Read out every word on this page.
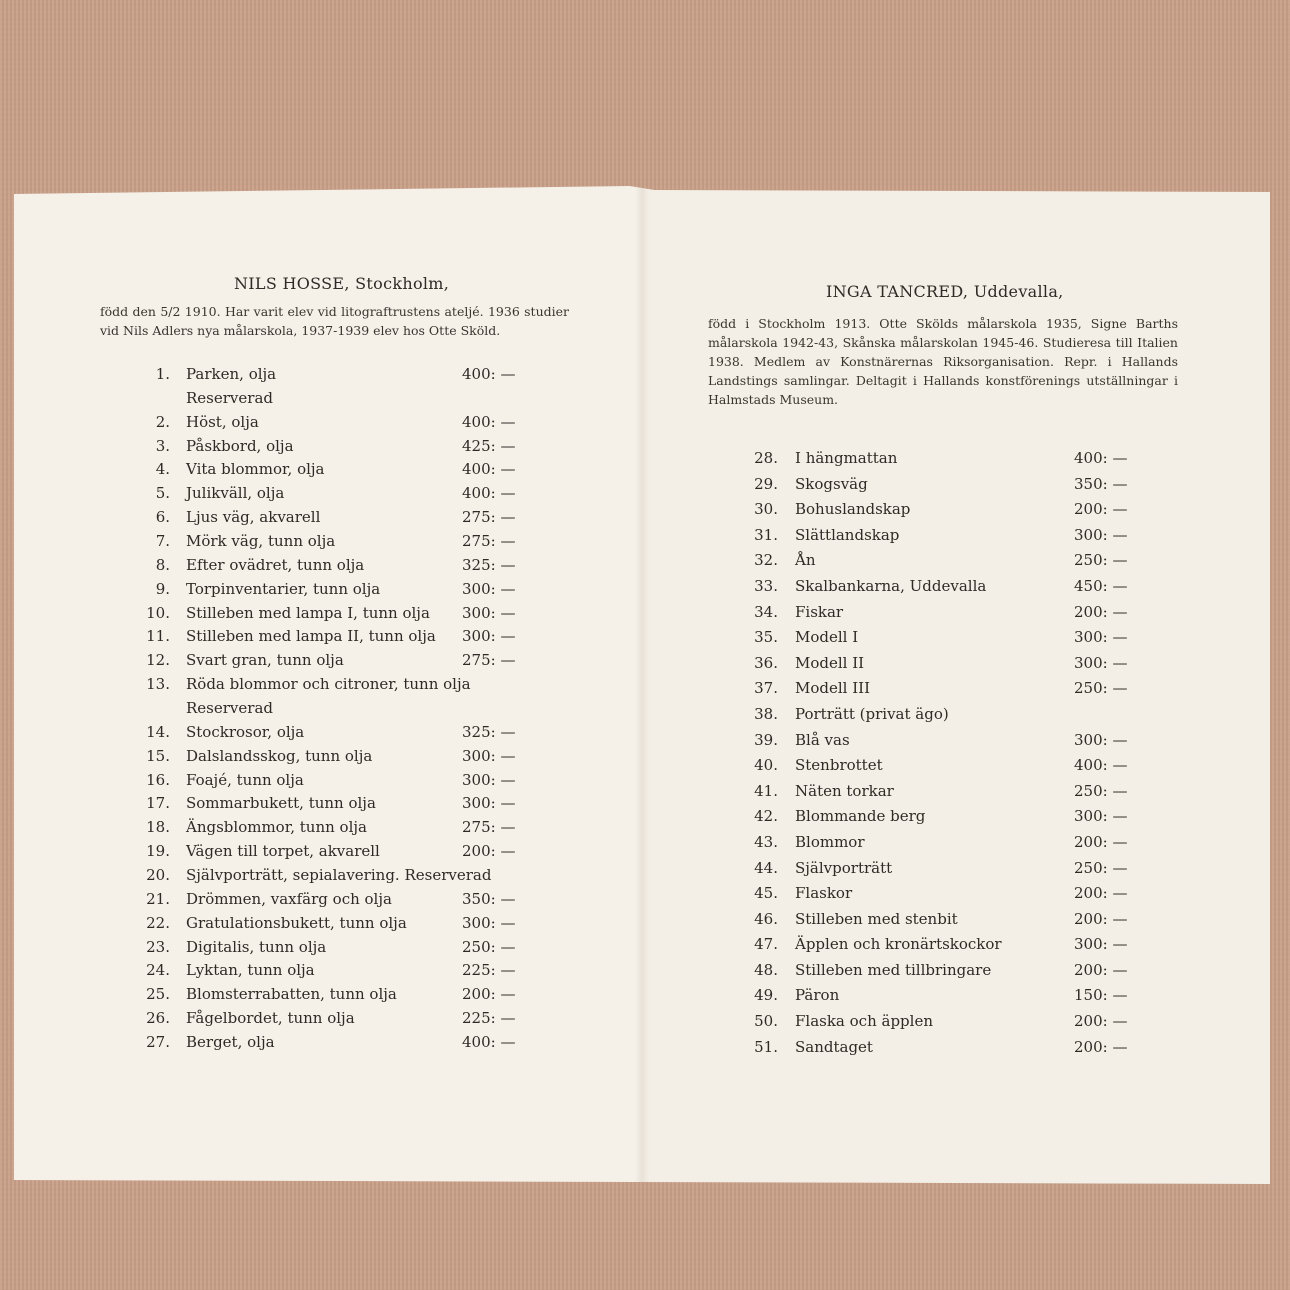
NILS HOSSE, Stockholm,
född den 5/2 1910. Har varit elev vid litograftrustens ateljé. 1936 studier vid Nils Adlers nya målarskola, 1937-1939 elev hos Otte Sköld.
1. Parken, olja	400: —
Reserverad
2. Höst, olja	400: —
3. Påskbord, olja	425: —
4. Vita blommor, olja	400: —
5. Julikväll, olja	400: —
6. Ljus väg, akvarell	275: —
7. Mörk väg, tunn olja	275: —
8. Efter ovädret, tunn olja	325: —
9. Torpinventarier, tunn olja	300: —
10. Stilleben med lampa I, tunn olja 300: —
11. Stilleben med lampa II, tunn olja 300: —
12. Svart gran, tunn olja	275: —
13. Röda blommor och citroner, tunn olja
Reserverad
14. Stockrosor, olja	325: —
15. Dalslandsskog, tunn olja	300: —
16. Foajé, tunn olja	300: —
17. Sommarbukett, tunn olja	300: —
18. Ängsblommor, tunn olja	275: —
19. Vägen till torpet, akvarell	200: —
20. Självporträtt, sepialavering. Reserverad
21. Drömmen, vaxfärg och olja	350: —
22. Gratulationsbukett, tunn olja	300: —
23. Digitalis, tunn olja	250: —
24. Lyktan, tunn olja	225: —
25. Blomsterrabatten, tunn olja	200: —
26. Fågelbordet, tunn olja	225: —
27. Berget, olja	400: —
INGA TANCRED, Uddevalla,
född i Stockholm 1913. Otte Skölds målarskola 1935, Signe Barths målarskola 1942-43, Skånska målarskolan 1945-46. Studieresa till Italien 1938. Medlem av Konstnärernas Riksorganisation. Repr. i Hallands Landstings samlingar. Deltagit i Hallands konstförenings utställningar i Halmstads Museum.
28. I hängmattan	400: —
29. Skogsväg	350: —
30. Bohuslandskap	200: —
31. Slättlandskap	300: —
32. Ån	250: —
33. Skalbankarna, Uddevalla	450: —
34. Fiskar	200: —
35. Modell I	300: —
36. Modell II	300: —
37. Modell III	250: —
38. Porträtt (privat ägo)
39. Blå vas	300: —
40. Stenbrottet	400: —
41. Näten torkar	250: —
42. Blommande berg	300: —
43. Blommor	200: —
44. Självporträtt	250: —
45. Flaskor	200: —
46. Stilleben med stenbit	200: —
47. Äpplen och kronärtskockor	300: —
48. Stilleben med tillbringare	200: —
49. Päron	150: —
50. Flaska och äpplen	200: —
51. Sandtaget	200: —
